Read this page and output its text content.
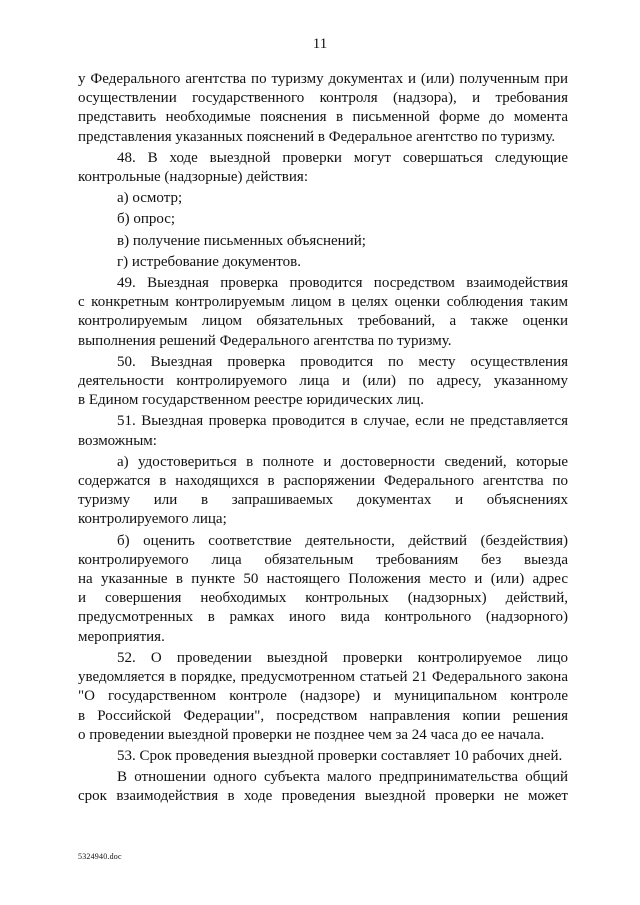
11

у Федерального агентства по туризму документах и (или) полученным при

осуществлении государственного контроля (надзора), и требования

представить необходимые пояснения в письменной форме до момента

представления указанных пояснений в Федеральное агентство по туризму.

48. В ходе выездной проверки могут совершаться следующие

контрольные (надзорные) действия:

а) осмотр;

б) опрос;

в) получение письменных объяснений;

г) истребование документов.

49. Выездная проверка проводится посредством взаимодействия

с конкретным контролируемым лицом в целях оценки соблюдения таким

контролируемым лицом обязательных требований, а также оценки

выполнения решений Федерального агентства по туризму.

50. Выездная проверка проводится по месту осуществления

деятельности контролируемого лица и (или) по адресу, указанному

в Едином государственном реестре юридических лиц.

51. Выездная проверка проводится в случае, если не представляется

возможным:

а) удостовериться в полноте и достоверности сведений, которые

содержатся в находящихся в распоряжении Федерального агентства по

туризму или в запрашиваемых документах и объяснениях

контролируемого лица;

б) оценить соответствие деятельности, действий (бездействия)

контролируемого лица обязательным требованиям без выезда

на указанные в пункте 50 настоящего Положения место и (или) адрес

и совершения необходимых контрольных (надзорных) действий,

предусмотренных в рамках иного вида контрольного (надзорного)

мероприятия.

52. О проведении выездной проверки контролируемое лицо

уведомляется в порядке, предусмотренном статьей 21 Федерального закона

"О государственном контроле (надзоре) и муниципальном контроле

в Российской Федерации", посредством направления копии решения

о проведении выездной проверки не позднее чем за 24 часа до ее начала.

53. Срок проведения выездной проверки составляет 10 рабочих дней.

В отношении одного субъекта малого предпринимательства общий

срок взаимодействия в ходе проведения выездной проверки не может

5324940.doc
